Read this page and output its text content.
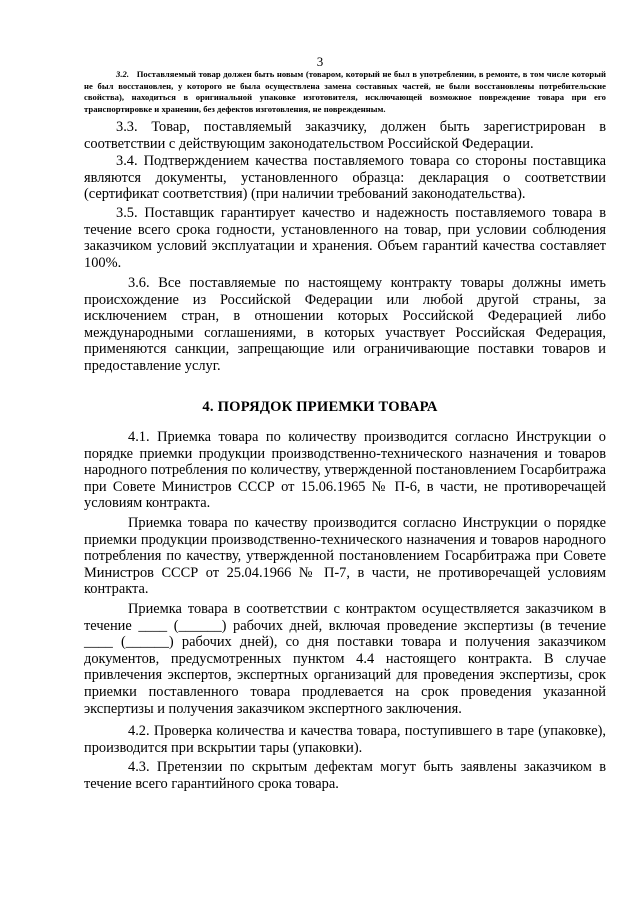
3

3.2. Поставляемый товар должен быть новым (товаром, который не был в употреблении, в ремонте, в том числе который не был восстановлен, у которого не была осуществлена замена составных частей, не были восстановлены потребительские свойства), находиться в оригинальной упаковке изготовителя, исключающей возможное повреждение товара при его транспортировке и хранении, без дефектов изготовления, не поврежденным.

3.3. Товар, поставляемый заказчику, должен быть зарегистрирован в соответствии с действующим законодательством Российской Федерации.

3.4. Подтверждением качества поставляемого товара со стороны поставщика являются документы, установленного образца: декларация о соответствии (сертификат соответствия) (при наличии требований законодательства).

3.5. Поставщик гарантирует качество и надежность поставляемого товара в течение всего срока годности, установленного на товар, при условии соблюдения заказчиком условий эксплуатации и хранения. Объем гарантий качества составляет 100%.

3.6. Все поставляемые по настоящему контракту товары должны иметь происхождение из Российской Федерации или любой другой страны, за исключением стран, в отношении которых Российской Федерацией либо международными соглашениями, в которых участвует Российская Федерация, применяются санкции, запрещающие или ограничивающие поставки товаров и предоставление услуг.

4. ПОРЯДОК ПРИЕМКИ ТОВАРА

4.1. Приемка товара по количеству производится согласно Инструкции о порядке приемки продукции производственно-технического назначения и товаров народного потребления по количеству, утвержденной постановлением Госарбитража при Совете Министров СССР от 15.06.1965 № П-6, в части, не противоречащей условиям контракта.

Приемка товара по качеству производится согласно Инструкции о порядке приемки продукции производственно-технического назначения и товаров народного потребления по качеству, утвержденной постановлением Госарбитража при Совете Министров СССР от 25.04.1966 № П-7, в части, не противоречащей условиям контракта.

Приемка товара в соответствии с контрактом осуществляется заказчиком в течение ____ (______) рабочих дней, включая проведение экспертизы (в течение ____ (______) рабочих дней), со дня поставки товара и получения заказчиком документов, предусмотренных пунктом 4.4 настоящего контракта. В случае привлечения экспертов, экспертных организаций для проведения экспертизы, срок приемки поставленного товара продлевается на срок проведения указанной экспертизы и получения заказчиком экспертного заключения.

4.2. Проверка количества и качества товара, поступившего в таре (упаковке), производится при вскрытии тары (упаковки).

4.3. Претензии по скрытым дефектам могут быть заявлены заказчиком в течение всего гарантийного срока товара.
